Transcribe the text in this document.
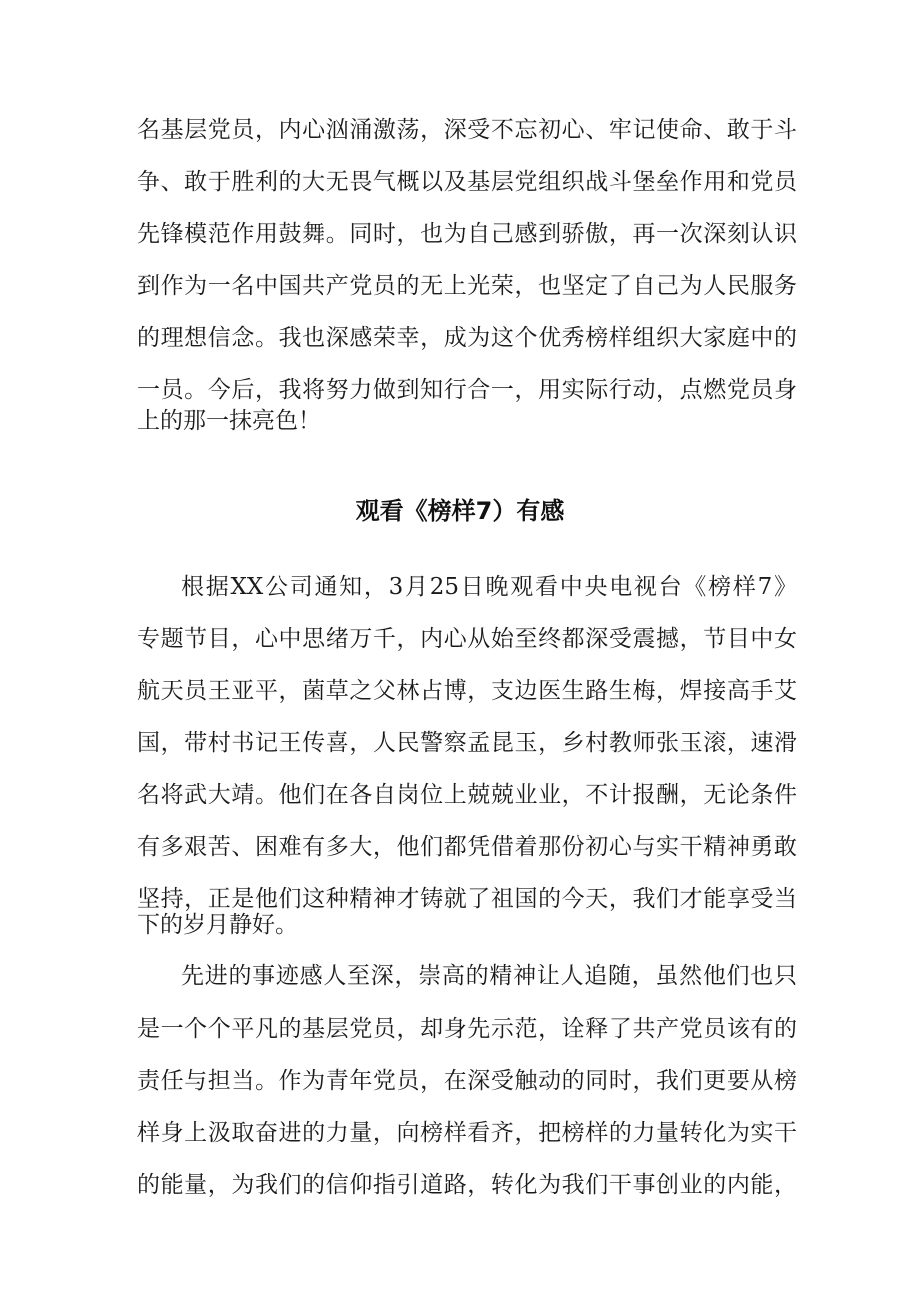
名基层党员，内心汹涌激荡，深受不忘初心、牢记使命、敢于斗
争、敢于胜利的大无畏气概以及基层党组织战斗堡垒作用和党员
先锋模范作用鼓舞。同时，也为自己感到骄傲，再一次深刻认识
到作为一名中国共产党员的无上光荣，也坚定了自己为人民服务
的理想信念。我也深感荣幸，成为这个优秀榜样组织大家庭中的
一员。今后，我将努力做到知行合一，用实际行动，点燃党员身
上的那一抹亮色！
观看《榜样7）有感
根据XX公司通知，3月25日晚观看中央电视台《榜样7》
专题节目，心中思绪万千，内心从始至终都深受震撼，节目中女
航天员王亚平，菌草之父林占博，支边医生路生梅，焊接高手艾
国，带村书记王传喜，人民警察孟昆玉，乡村教师张玉滚，速滑
名将武大靖。他们在各自岗位上兢兢业业，不计报酬，无论条件
有多艰苦、困难有多大，他们都凭借着那份初心与实干精神勇敢
坚持，正是他们这种精神才铸就了祖国的今天，我们才能享受当
下的岁月静好。
先进的事迹感人至深，崇高的精神让人追随，虽然他们也只
是一个个平凡的基层党员，却身先示范，诠释了共产党员该有的
责任与担当。作为青年党员，在深受触动的同时，我们更要从榜
样身上汲取奋进的力量，向榜样看齐，把榜样的力量转化为实干
的能量，为我们的信仰指引道路，转化为我们干事创业的内能，
